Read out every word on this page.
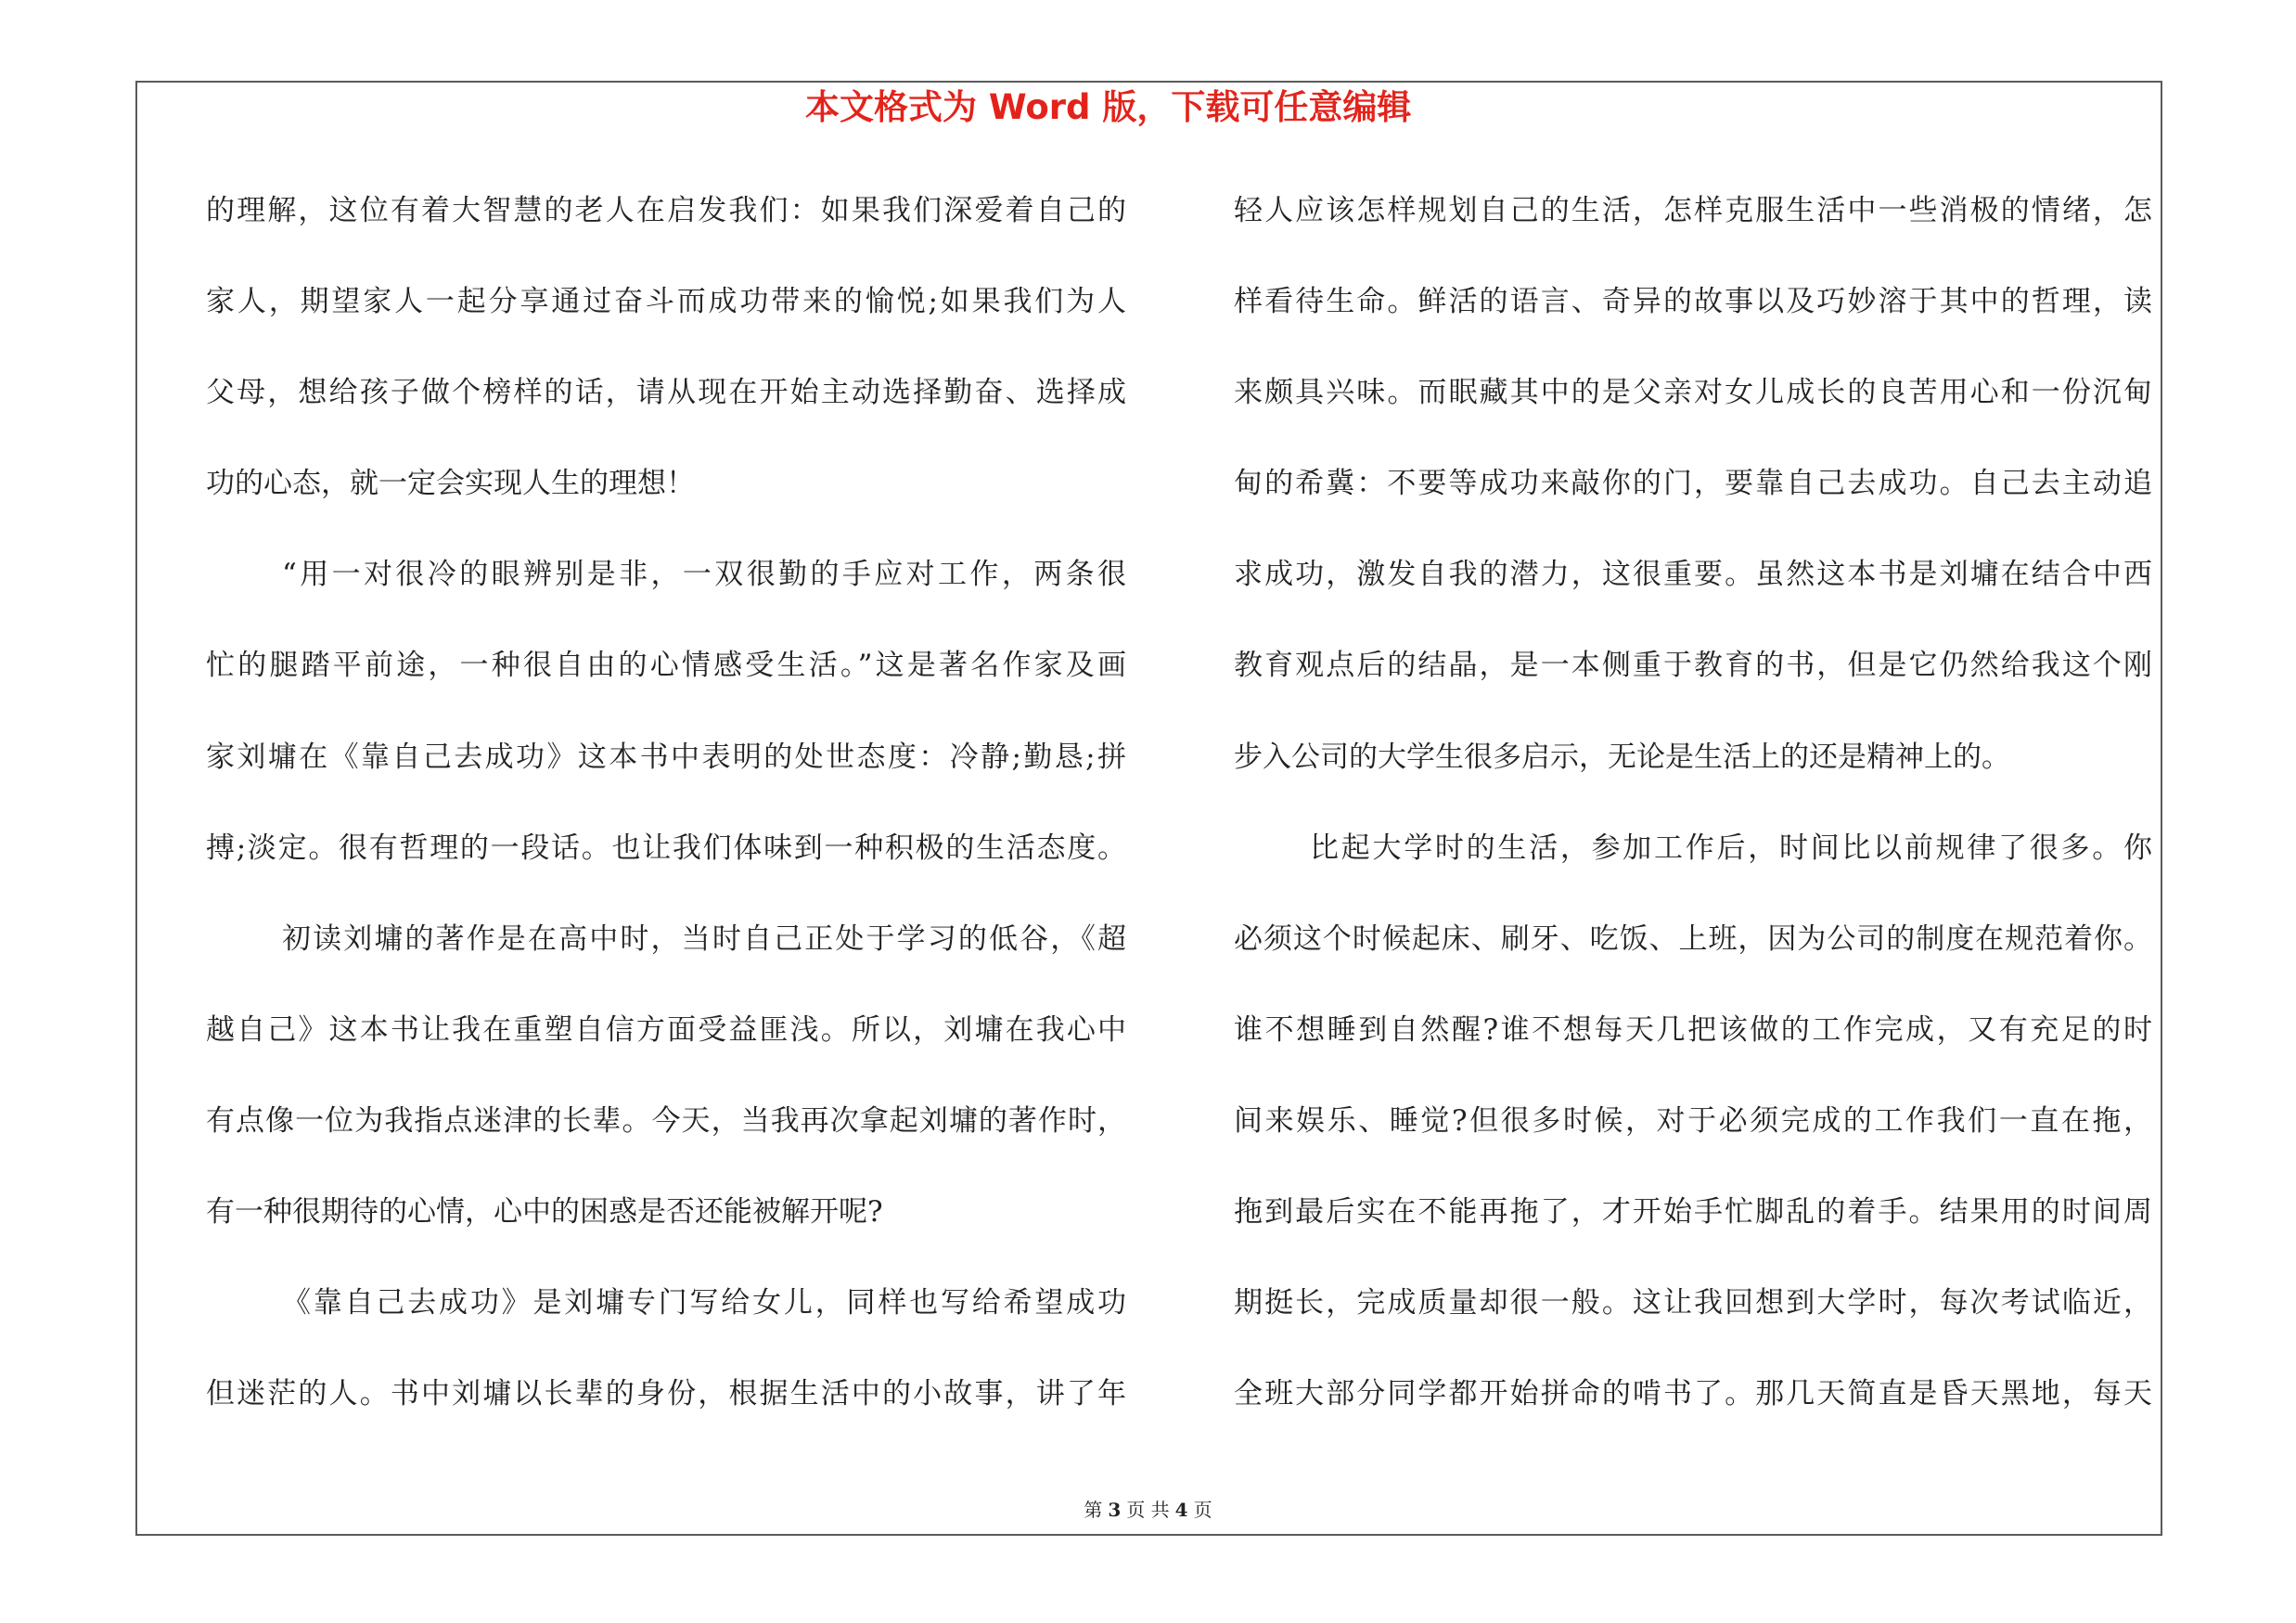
本文格式为 Word 版，下载可任意编辑
的理解，这位有着大智慧的老人在启发我们：如果我们深爱着自己的
家人，期望家人一起分享通过奋斗而成功带来的愉悦;如果我们为人
父母，想给孩子做个榜样的话，请从现在开始主动选择勤奋、选择成
功的心态，就一定会实现人生的理想！
“用一对很冷的眼辨别是非，一双很勤的手应对工作，两条很
忙的腿踏平前途，一种很自由的心情感受生活。”这是著名作家及画
家刘墉在《靠自己去成功》这本书中表明的处世态度：冷静;勤恳;拼
搏;淡定。很有哲理的一段话。也让我们体味到一种积极的生活态度。
初读刘墉的著作是在高中时，当时自己正处于学习的低谷，《超
越自己》这本书让我在重塑自信方面受益匪浅。所以，刘墉在我心中
有点像一位为我指点迷津的长辈。今天，当我再次拿起刘墉的著作时，
有一种很期待的心情，心中的困惑是否还能被解开呢?
《靠自己去成功》是刘墉专门写给女儿，同样也写给希望成功
但迷茫的人。书中刘墉以长辈的身份，根据生活中的小故事，讲了年
轻人应该怎样规划自己的生活，怎样克服生活中一些消极的情绪，怎
样看待生命。鲜活的语言、奇异的故事以及巧妙溶于其中的哲理，读
来颇具兴味。而眠藏其中的是父亲对女儿成长的良苦用心和一份沉甸
甸的希冀：不要等成功来敲你的门，要靠自己去成功。自己去主动追
求成功，激发自我的潜力，这很重要。虽然这本书是刘墉在结合中西
教育观点后的结晶，是一本侧重于教育的书，但是它仍然给我这个刚
步入公司的大学生很多启示，无论是生活上的还是精神上的。
比起大学时的生活，参加工作后，时间比以前规律了很多。你
必须这个时候起床、刷牙、吃饭、上班，因为公司的制度在规范着你。
谁不想睡到自然醒?谁不想每天几把该做的工作完成，又有充足的时
间来娱乐、睡觉?但很多时候，对于必须完成的工作我们一直在拖，
拖到最后实在不能再拖了，才开始手忙脚乱的着手。结果用的时间周
期挺长，完成质量却很一般。这让我回想到大学时，每次考试临近，
全班大部分同学都开始拼命的啃书了。那几天简直是昏天黑地，每天
第 3 页 共 4 页
